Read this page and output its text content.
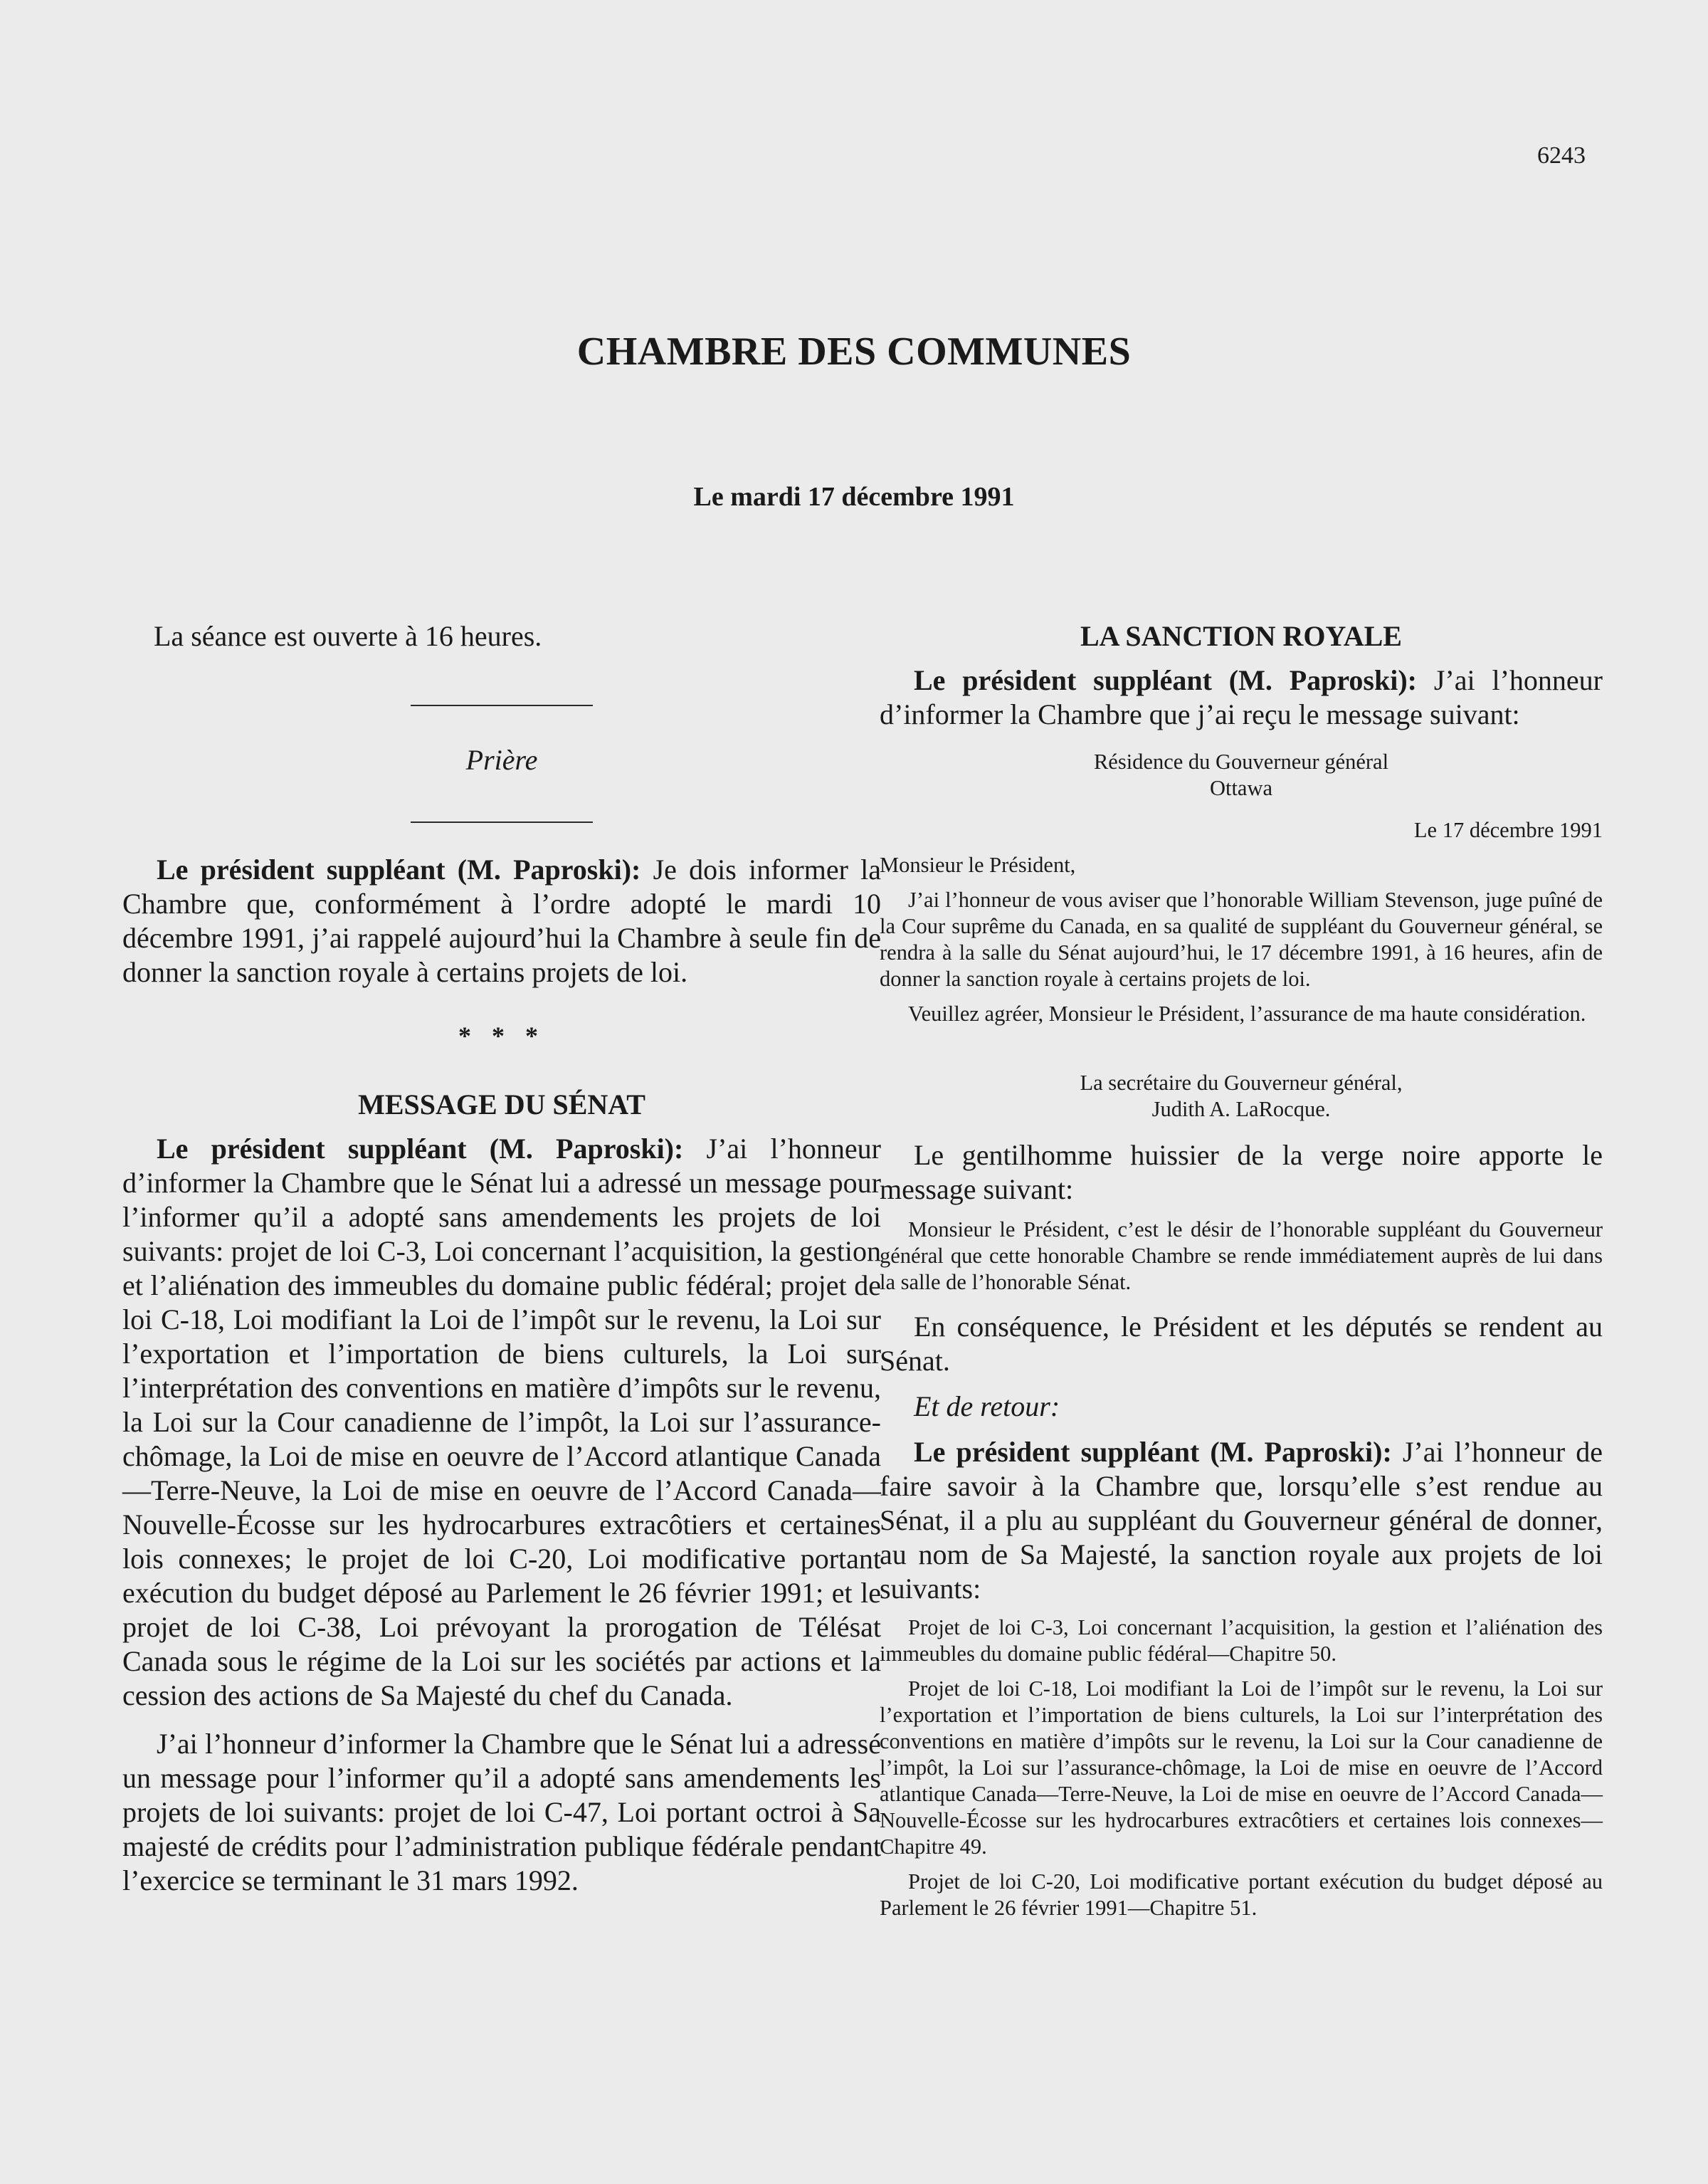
6243
CHAMBRE DES COMMUNES
Le mardi 17 décembre 1991

La séance est ouverte à 16 heures.

Prière

Le président suppléant (M. Paproski): Je dois informer la Chambre que, conformément à l’ordre adopté le mardi 10 décembre 1991, j’ai rappelé aujourd’hui la Chambre à seule fin de donner la sanction royale à certains projets de loi.

* * *

MESSAGE DU SÉNAT

Le président suppléant (M. Paproski): J’ai l’honneur d’informer la Chambre que le Sénat lui a adressé un message pour l’informer qu’il a adopté sans amendements les projets de loi suivants: projet de loi C-3, Loi concernant l’acquisition, la gestion et l’aliénation des immeubles du domaine public fédéral; projet de loi C-18, Loi modifiant la Loi de l’impôt sur le revenu, la Loi sur l’exportation et l’importation de biens culturels, la Loi sur l’interprétation des conventions en matière d’impôts sur le revenu, la Loi sur la Cour canadienne de l’impôt, la Loi sur l’assurance-chômage, la Loi de mise en oeuvre de l’Accord atlantique Canada—Terre-Neuve, la Loi de mise en oeuvre de l’Accord Canada—Nouvelle-Écosse sur les hydrocarbures extracôtiers et certaines lois connexes; le projet de loi C-20, Loi modificative portant exécution du budget déposé au Parlement le 26 février 1991; et le projet de loi C-38, Loi prévoyant la prorogation de Télésat Canada sous le régime de la Loi sur les sociétés par actions et la cession des actions de Sa Majesté du chef du Canada.

J’ai l’honneur d’informer la Chambre que le Sénat lui a adressé un message pour l’informer qu’il a adopté sans amendements les projets de loi suivants: projet de loi C-47, Loi portant octroi à Sa majesté de crédits pour l’administration publique fédérale pendant l’exercice se terminant le 31 mars 1992.

LA SANCTION ROYALE

Le président suppléant (M. Paproski): J’ai l’honneur d’informer la Chambre que j’ai reçu le message suivant:

Résidence du Gouverneur général

Ottawa

Le 17 décembre 1991

Monsieur le Président,

J’ai l’honneur de vous aviser que l’honorable William Stevenson, juge puîné de la Cour suprême du Canada, en sa qualité de suppléant du Gouverneur général, se rendra à la salle du Sénat aujourd’hui, le 17 décembre 1991, à 16 heures, afin de donner la sanction royale à certains projets de loi.

Veuillez agréer, Monsieur le Président, l’assurance de ma haute considération.

La secrétaire du Gouverneur général,

Judith A. LaRocque.

Le gentilhomme huissier de la verge noire apporte le message suivant:

Monsieur le Président, c’est le désir de l’honorable suppléant du Gouverneur général que cette honorable Chambre se rende immédiatement auprès de lui dans la salle de l’honorable Sénat.

En conséquence, le Président et les députés se rendent au Sénat.

Et de retour:

Le président suppléant (M. Paproski): J’ai l’honneur de faire savoir à la Chambre que, lorsqu’elle s’est rendue au Sénat, il a plu au suppléant du Gouverneur général de donner, au nom de Sa Majesté, la sanction royale aux projets de loi suivants:

Projet de loi C-3, Loi concernant l’acquisition, la gestion et l’aliénation des immeubles du domaine public fédéral—Chapitre 50.

Projet de loi C-18, Loi modifiant la Loi de l’impôt sur le revenu, la Loi sur l’exportation et l’importation de biens culturels, la Loi sur l’interprétation des conventions en matière d’impôts sur le revenu, la Loi sur la Cour canadienne de l’impôt, la Loi sur l’assurance-chômage, la Loi de mise en oeuvre de l’Accord atlantique Canada—Terre-Neuve, la Loi de mise en oeuvre de l’Accord Canada—Nouvelle-Écosse sur les hydrocarbures extracôtiers et certaines lois connexes—Chapitre 49.

Projet de loi C-20, Loi modificative portant exécution du budget déposé au Parlement le 26 février 1991—Chapitre 51.
